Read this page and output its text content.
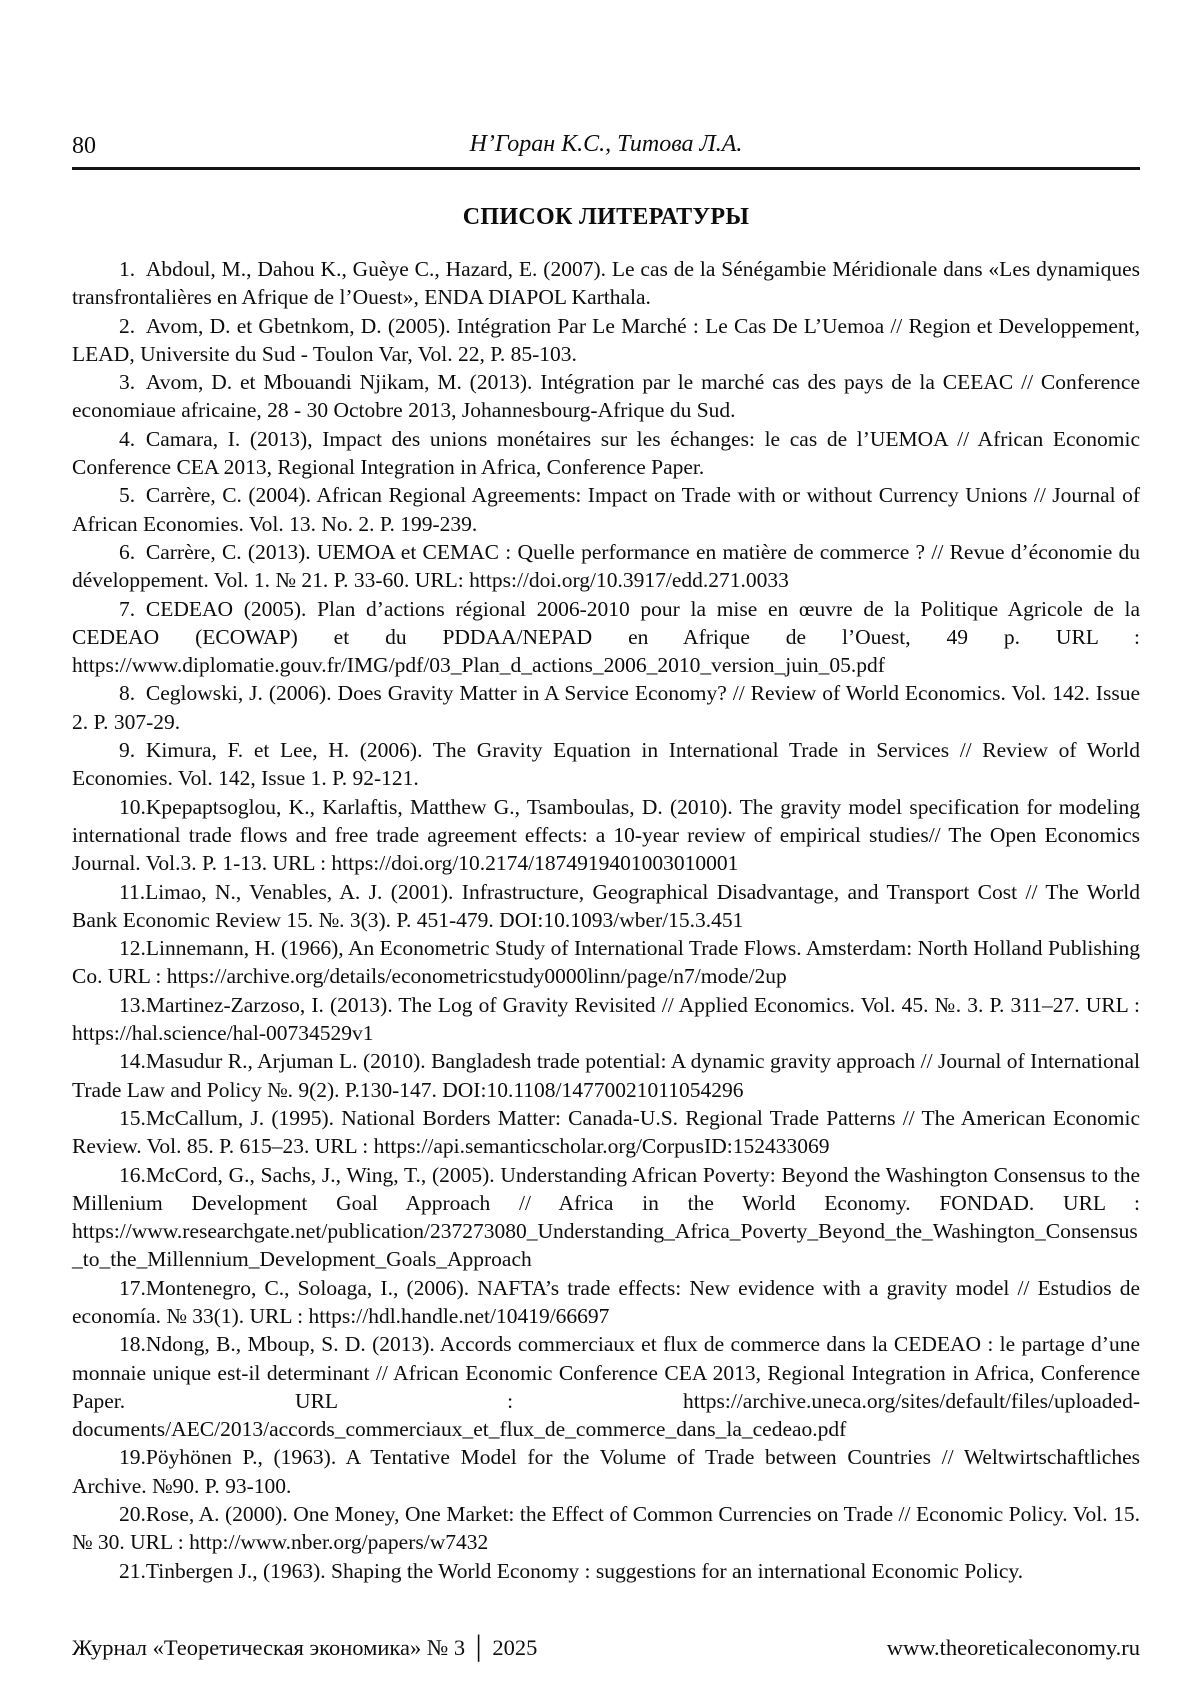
80	Н’Горан К.С., Титова Л.А.
СПИСОК ЛИТЕРАТУРЫ

1. Abdoul, M., Dahou K., Guèye C., Hazard, E. (2007). Le cas de la Sénégambie Méridionale dans «Les dynamiques transfrontalières en Afrique de l’Ouest», ENDA DIAPOL Karthala.

2. Avom, D. et Gbetnkom, D. (2005). Intégration Par Le Marché : Le Cas De L’Uemoa // Region et Developpement, LEAD, Universite du Sud - Toulon Var, Vol. 22, P. 85-103.

3. Avom, D. et Mbouandi Njikam, M. (2013). Intégration par le marché cas des pays de la CEEAC // Conference economiaue africaine, 28 - 30 Octobre 2013, Johannesbourg-Afrique du Sud.

4. Camara, I. (2013), Impact des unions monétaires sur les échanges: le cas de l’UEMOA // African Economic Conference CEA 2013, Regional Integration in Africa, Conference Paper.

5. Carrère, C. (2004). African Regional Agreements: Impact on Trade with or without Currency Unions // Journal of African Economies. Vol. 13. No. 2. P. 199-239.

6. Carrère, C. (2013). UEMOA et CEMAC : Quelle performance en matière de commerce ? // Revue d’économie du développement. Vol. 1. № 21. P. 33-60. URL: https://doi.org/10.3917/edd.271.0033

7. CEDEAO (2005). Plan d’actions régional 2006-2010 pour la mise en œuvre de la Politique Agricole de la CEDEAO (ECOWAP) et du PDDAA/NEPAD en Afrique de l’Ouest, 49 p. URL : https://www.diplomatie.gouv.fr/IMG/pdf/03_Plan_d_actions_2006_2010_version_juin_05.pdf

8. Ceglowski, J. (2006). Does Gravity Matter in A Service Economy? // Review of World Economics. Vol. 142. Issue 2. P. 307-29.

9. Kimura, F. et Lee, H. (2006). The Gravity Equation in International Trade in Services // Review of World Economies. Vol. 142, Issue 1. P. 92-121.

10.Kpepaptsoglou, K., Karlaftis, Matthew G., Tsamboulas, D. (2010). The gravity model specification for modeling international trade flows and free trade agreement effects: a 10-year review of empirical studies// The Open Economics Journal. Vol.3. P. 1-13. URL : https://doi.org/10.2174/1874919401003010001

11.Limao, N., Venables, A. J. (2001). Infrastructure, Geographical Disadvantage, and Transport Cost // The World Bank Economic Review 15. №. 3(3). P. 451-479. DOI:10.1093/wber/15.3.451

12.Linnemann, H. (1966), An Econometric Study of International Trade Flows. Amsterdam: North Holland Publishing Co. URL : https://archive.org/details/econometricstudy0000linn/page/n7/mode/2up

13.Martinez-Zarzoso, I. (2013). The Log of Gravity Revisited // Applied Economics. Vol. 45. №. 3. P. 311–27. URL : https://hal.science/hal-00734529v1

14.Masudur R., Arjuman L. (2010). Bangladesh trade potential: A dynamic gravity approach // Journal of International Trade Law and Policy №. 9(2). P.130-147. DOI:10.1108/14770021011054296

15.McCallum, J. (1995). National Borders Matter: Canada-U.S. Regional Trade Patterns // The American Economic Review. Vol. 85. P. 615–23. URL : https://api.semanticscholar.org/CorpusID:152433069

16.McCord, G., Sachs, J., Wing, T., (2005). Understanding African Poverty: Beyond the Washington Consensus to the Millenium Development Goal Approach // Africa in the World Economy. FONDAD. URL : https://www.researchgate.net/publication/237273080_Understanding_Africa_Poverty_Beyond_the_Washington_Consensus_to_the_Millennium_Development_Goals_Approach

17.Montenegro, C., Soloaga, I., (2006). NAFTA’s trade effects: New evidence with a gravity model // Estudios de economía. № 33(1). URL : https://hdl.handle.net/10419/66697

18.Ndong, B., Mboup, S. D. (2013). Accords commerciaux et flux de commerce dans la CEDEAO : le partage d’une monnaie unique est-il determinant // African Economic Conference CEA 2013, Regional Integration in Africa, Conference Paper. URL : https://archive.uneca.org/sites/default/files/uploaded-documents/AEC/2013/accords_commerciaux_et_flux_de_commerce_dans_la_cedeao.pdf

19.Pöyhönen P., (1963). A Tentative Model for the Volume of Trade between Countries // Weltwirtschaftliches Archive. №90. P. 93-100.

20.Rose, A. (2000). One Money, One Market: the Effect of Common Currencies on Trade // Economic Policy. Vol. 15. № 30. URL : http://www.nber.org/papers/w7432

21.Tinbergen J., (1963). Shaping the World Economy : suggestions for an international Economic Policy.

Журнал «Теоретическая экономика» № 3 │ 2025	www.theoreticaleconomy.ru
